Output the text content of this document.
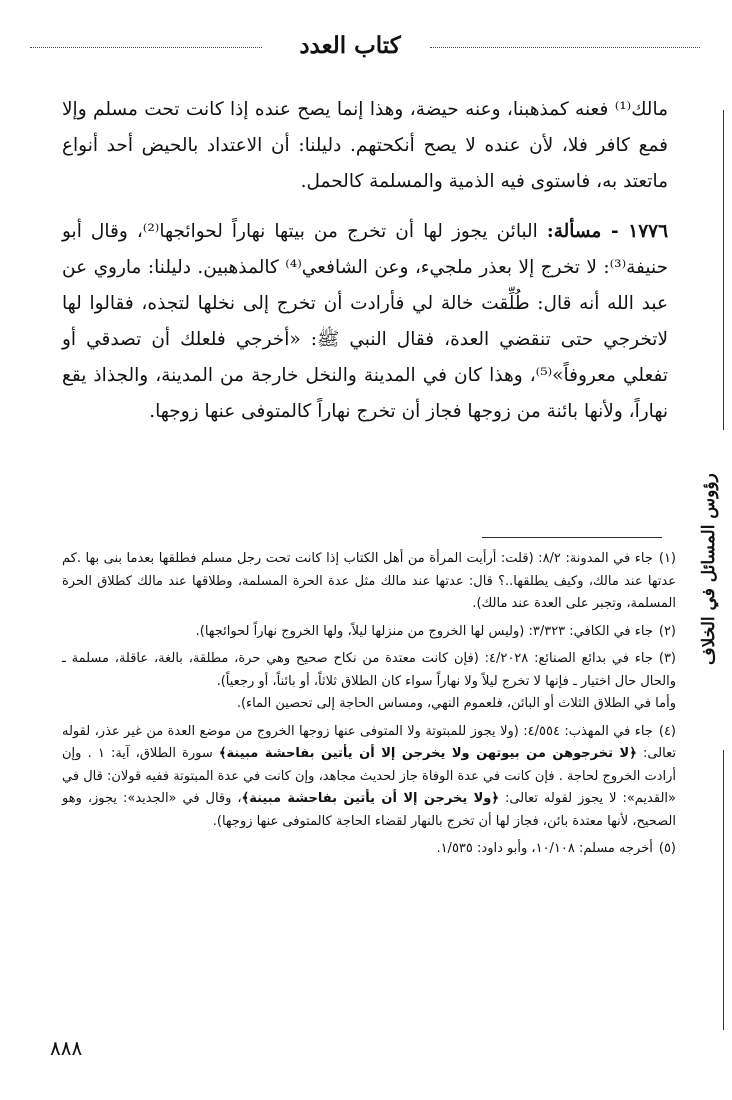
كتاب العدد
رؤوس المسائل في الخلاف

مالك⁽¹⁾ فعنه كمذهبنا، وعنه حيضة، وهذا إنما يصح عنده إذا كانت تحت مسلم وإلا فمع كافر فلا، لأن عنده لا يصح أنكحتهم. دليلنا: أن الاعتداد بالحيض أحد أنواع ماتعتد به، فاستوى فيه الذمية والمسلمة كالحمل.

١٧٧٦ - مسألة: البائن يجوز لها أن تخرج من بيتها نهاراً لحوائجها⁽²⁾، وقال أبو حنيفة⁽³⁾: لا تخرج إلا بعذر ملجيء، وعن الشافعي⁽⁴⁾ كالمذهبين. دليلنا: ماروي عن عبد الله أنه قال: طُلِّقت خالة لي فأرادت أن تخرج إلى نخلها لتجذه، فقالوا لها لاتخرجي حتى تنقضي العدة، فقال النبي ﷺ: «أخرجي فلعلك أن تصدقي أو تفعلي معروفاً»⁽⁵⁾، وهذا كان في المدينة والنخل خارجة من المدينة، والجذاذ يقع نهاراً، ولأنها بائنة من زوجها فجاز أن تخرج نهاراً كالمتوفى عنها زوجها.

(١)جاء في المدونة: ٨/٢: (قلت: أرأيت المرأة من أهل الكتاب إذا كانت تحت رجل مسلم فطلقها بعدما بنى بها .كم عدتها عند مالك، وكيف يطلقها..؟ قال: عدتها عند مالك مثل عدة الحرة المسلمة، وطلاقها عند مالك كطلاق الحرة المسلمة، وتجبر على العدة عند مالك).
(٢)جاء في الكافي: ٣/٣٢٣: (وليس لها الخروج من منزلها ليلاً، ولها الخروج نهاراً لحوائجها).
(٣)جاء في بدائع الصنائع: ٤/٢٠٢٨: (فإن كانت معتدة من نكاح صحيح وهي حرة، مطلقة، بالغة، عاقلة، مسلمة ـ والحال حال اختيار ـ فإنها لا تخرج ليلاً ولا نهاراً سواء كان الطلاق ثلاثاً، أو بائناً، أو رجعياً).
وأما في الطلاق الثلاث أو البائن، فلعموم النهي، ومساس الحاجة إلى تحصين الماء).
(٤)جاء في المهذب: ٤/٥٥٤: (ولا يجوز للمبتوتة ولا المتوفى عنها زوجها الخروج من موضع العدة من غير عذر، لقوله تعالى: ﴿لا تخرجوهن من بيوتهن ولا يخرجن إلا أن يأتين بفاحشة مبينة﴾ سورة الطلاق، آية: ١ . وإن أرادت الخروج لحاجة . فإن كانت في عدة الوفاة جاز لحديث مجاهد، وإن كانت في عدة المبتوتة ففيه قولان: قال في «القديم»: لا يجوز لقوله تعالى: ﴿ولا يخرجن إلا أن يأتين بفاحشة مبينة﴾، وقال في «الجديد»: يجوز، وهو الصحيح، لأنها معتدة بائن، فجاز لها أن تخرج بالنهار لقضاء الحاجة كالمتوفى عنها زوجها).
(٥)أخرجه مسلم: ١٠/١٠٨، وأبو داود: ١/٥٣٥.
٨٨٨
